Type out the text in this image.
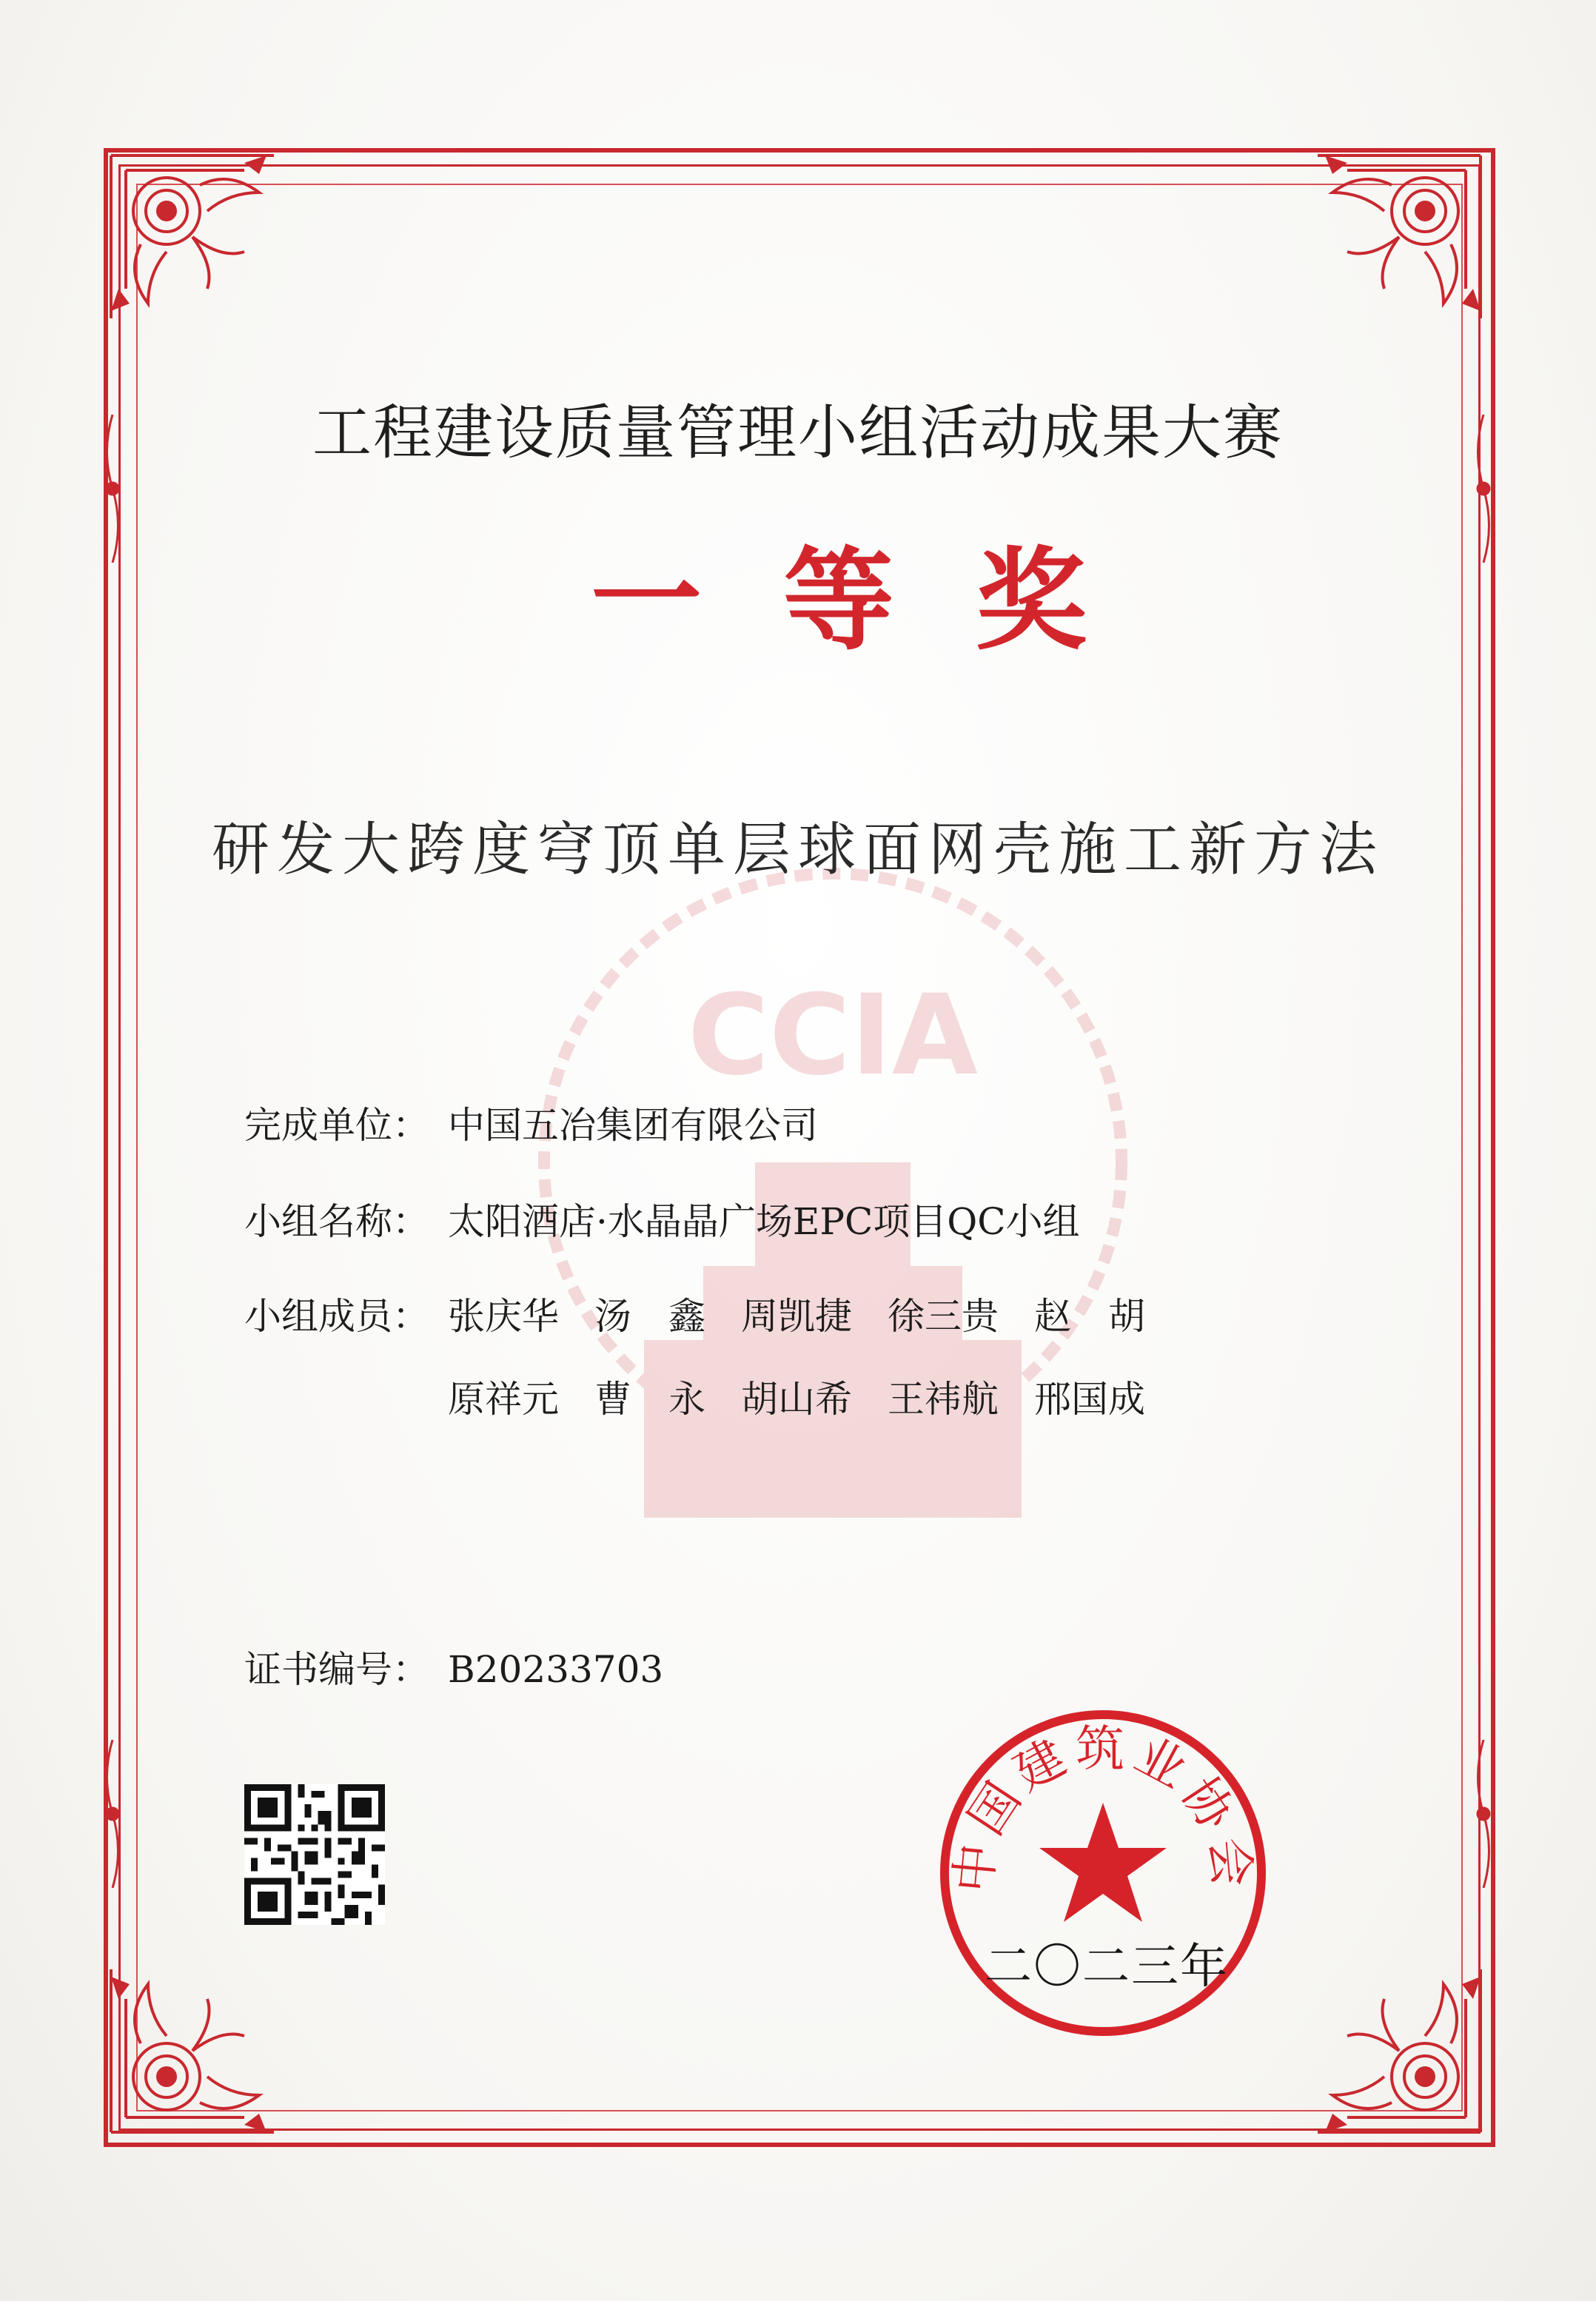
CCIA
工程建设质量管理小组活动成果大赛
一等奖
研发大跨度穹顶单层球面网壳施工新方法
完成单位： 中国五冶集团有限公司
小组名称： 太阳酒店·水晶晶广场EPC项目QC小组
小组成员： 张庆华 汤　鑫 周凯捷 徐三贵 赵　胡
原祥元 曹　永 胡山希 王祎航 邢国成
证书编号： B20233703
中国建筑业协会
二〇二三年
